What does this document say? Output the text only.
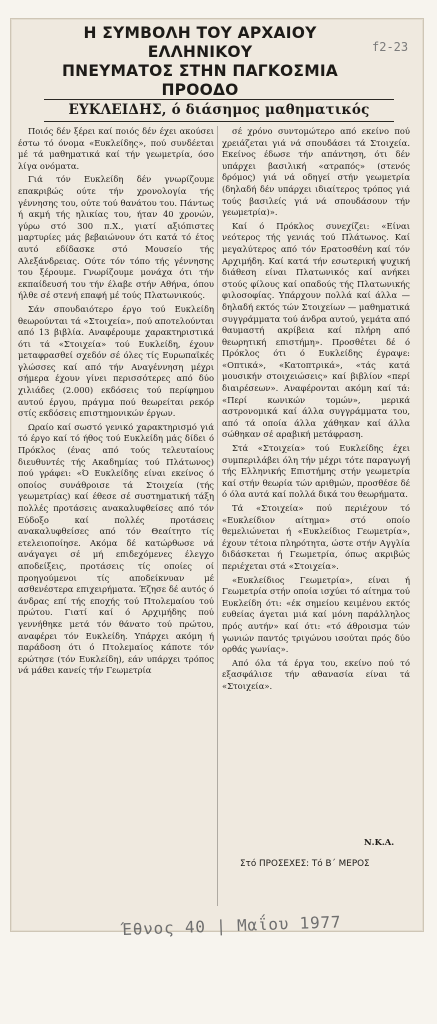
Η ΣΥΜΒΟΛΗ ΤΟΥ ΑΡΧΑΙΟΥ ΕΛΛΗΝΙΚΟΥ
ΠΝΕΥΜΑΤΟΣ ΣΤΗΝ ΠΑΓΚΟΣΜΙΑ ΠΡΟΟΔΟ
f2-23
ΕΥΚΛΕΙΔΗΣ, ό διάσημος μαθηματικός

Ποιός δέν ξέρει καί ποιός δέν έχει ακούσει έστω τό όνομα «Ευκλείδης», πού συνδέεται μέ τά μαθηματικά καί τήν γεωμετρία, όσο λίγα ονόματα.

Γιά τόν Ευκλείδη δέν γνωρίζουμε επακριβώς ούτε τήν χρονολογία τής γέννησης του, ούτε τού θανάτου του. Πάντως ή ακμή τής ηλικίας του, ήταν 40 χρονών, γύρω στό 300 π.Χ., γιατί αξιόπιστες μαρτυρίες μάς βεβαιώνουν ότι κατά τό έτος αυτό εδίδασκε στό Μουσείο τής Αλεξάνδρειας. Ούτε τόν τόπο τής γέννησης του ξέρουμε. Γνωρίζουμε μονάχα ότι τήν εκπαίδευσή του τήν έλαβε στήν Αθήνα, όπου ήλθε σέ στενή επαφή μέ τούς Πλατωνικούς.

Σάν σπουδαιότερο έργο τού Ευκλείδη θεωρούνται τά «Στοιχεία», πού αποτελούνται από 13 βιβλία. Αναφέρουμε χαρακτηριστικά ότι τά «Στοιχεία» τού Ευκλείδη, έχουν μεταφρασθεί σχεδόν σέ όλες τίς Ευρωπαϊκές γλώσσες καί από τήν Αναγέννηση μέχρι σήμερα έχουν γίνει περισσότερες από δύο χιλιάδες (2.000) εκδόσεις τού περίφημου αυτού έργου, πράγμα πού θεωρείται ρεκόρ στίς εκδόσεις επιστημονικών έργων.

Ωραίο καί σωστό γενικό χαρακτηρισμό γιά τό έργο καί τό ήθος τού Ευκλείδη μάς δίδει ό Πρόκλος (ένας από τούς τελευταίους διευθυντές τής Ακαδημίας τού Πλάτωνος) πού γράφει: «Ό Ευκλείδης είναι εκείνος ό οποίος συνάθροισε τά Στοιχεία (τής γεωμετρίας) καί έθεσε σέ συστηματική τάξη πολλές προτάσεις ανακαλυφθείσες από τόν Εύδοξο καί πολλές προτάσεις ανακαλυφθείσες από τόν Θεαίτητο τίς ετελειοποίησε. Ακόμα δέ κατώρθωσε νά ανάγαγει σέ μή επιδεχόμενες έλεγχο αποδείξεις, προτάσεις τίς οποίες οί προηγούμενοι τίς αποδείκνυαν μέ ασθενέστερα επιχειρήματα. Έζησε δέ αυτός ό άνδρας επί τής εποχής τού Πτολεμαίου τού πρώτου. Γιατί καί ό Αρχιμήδης πού γεννήθηκε μετά τόν θάνατο τού πρώτου, αναφέρει τόν Ευκλείδη. Υπάρχει ακόμη ή παράδοση ότι ό Πτολεμαίος κάποτε τόν ερώτησε (τόν Ευκλείδη), εάν υπάρχει τρόπος νά μάθει κανείς τήν Γεωμετρία

σέ χρόνο συντομώτερο από εκείνο πού χρειάζεται γιά νά σπουδάσει τά Στοιχεία. Εκείνος έδωσε τήν απάντηση, ότι δέν υπάρχει βασιλική «ατραπός» (στενός δρόμος) γιά νά οδηγεί στήν γεωμετρία (δηλαδή δέν υπάρχει ιδιαίτερος τρόπος γιά τούς βασιλείς γιά νά σπουδάσουν τήν γεωμετρία)».

Καί ό Πρόκλος συνεχίζει: «Είναι νεότερος τής γενιάς τού Πλάτωνος. Καί μεγαλύτερος από τόν Ερατοσθένη καί τόν Αρχιμήδη. Καί κατά τήν εσωτερική ψυχική διάθεση είναι Πλατωνικός καί ανήκει στούς φίλους καί οπαδούς τής Πλατωνικής φιλοσοφίας. Υπάρχουν πολλά καί άλλα — δηλαδή εκτός τών Στοιχείων — μαθηματικά συγγράμματα τού άνδρα αυτού, γεμάτα από θαυμαστή ακρίβεια καί πλήρη από θεωρητική επιστήμη». Προσθέτει δέ ό Πρόκλος ότι ό Ευκλείδης έγραψε: «Οπτικά», «Κατοπτρικά», «τάς κατά μουσικήν στοιχειώσεις» καί βιβλίον «περί διαιρέσεων». Αναφέρονται ακόμη καί τά: «Περί κωνικών τομών», μερικά αστρονομικά καί άλλα συγγράμματα του, από τά οποία άλλα χάθηκαν καί άλλα σώθηκαν σέ αραβική μετάφραση.

Στά «Στοιχεία» τού Ευκλείδης έχει συμπεριλάβει όλη τήν μέχρι τότε παραγωγή τής Ελληνικής Επιστήμης στήν γεωμετρία καί στήν θεωρία τών αριθμών, προσθέσε δέ ό όλα αυτά καί πολλά δικά του θεωρήματα.

Τά «Στοιχεία» πού περιέχουν τό «Ευκλείδιον αίτημα» στό οποίο θεμελιώνεται ή «Ευκλείδιος Γεωμετρία», έχουν τέτοια πληρότητα, ώστε στήν Αγγλία διδάσκεται ή Γεωμετρία, όπως ακριβώς περιέχεται στά «Στοιχεία».

«Ευκλείδιος Γεωμετρία», είναι ή Γεωμετρία στήν οποία ισχύει τό αίτημα τού Ευκλείδη ότι: «έκ σημείου κειμένου εκτός ευθείας άγεται μιά καί μόνη παράλληλος πρός αυτήν» καί ότι: «τό άθροισμα τών γωνιών παντός τριγώνου ισούται πρός δύο ορθάς γωνίας».

Από όλα τά έργα του, εκείνο πού τό εξασφάλισε τήν αθανασία είναι τά «Στοιχεία».

Ν.Κ.Α.
Στό ΠΡΟΣΕΧΕΣ: Τό Β΄ ΜΕΡΟΣ
Έθνος 40 | Μαΐου 1977
